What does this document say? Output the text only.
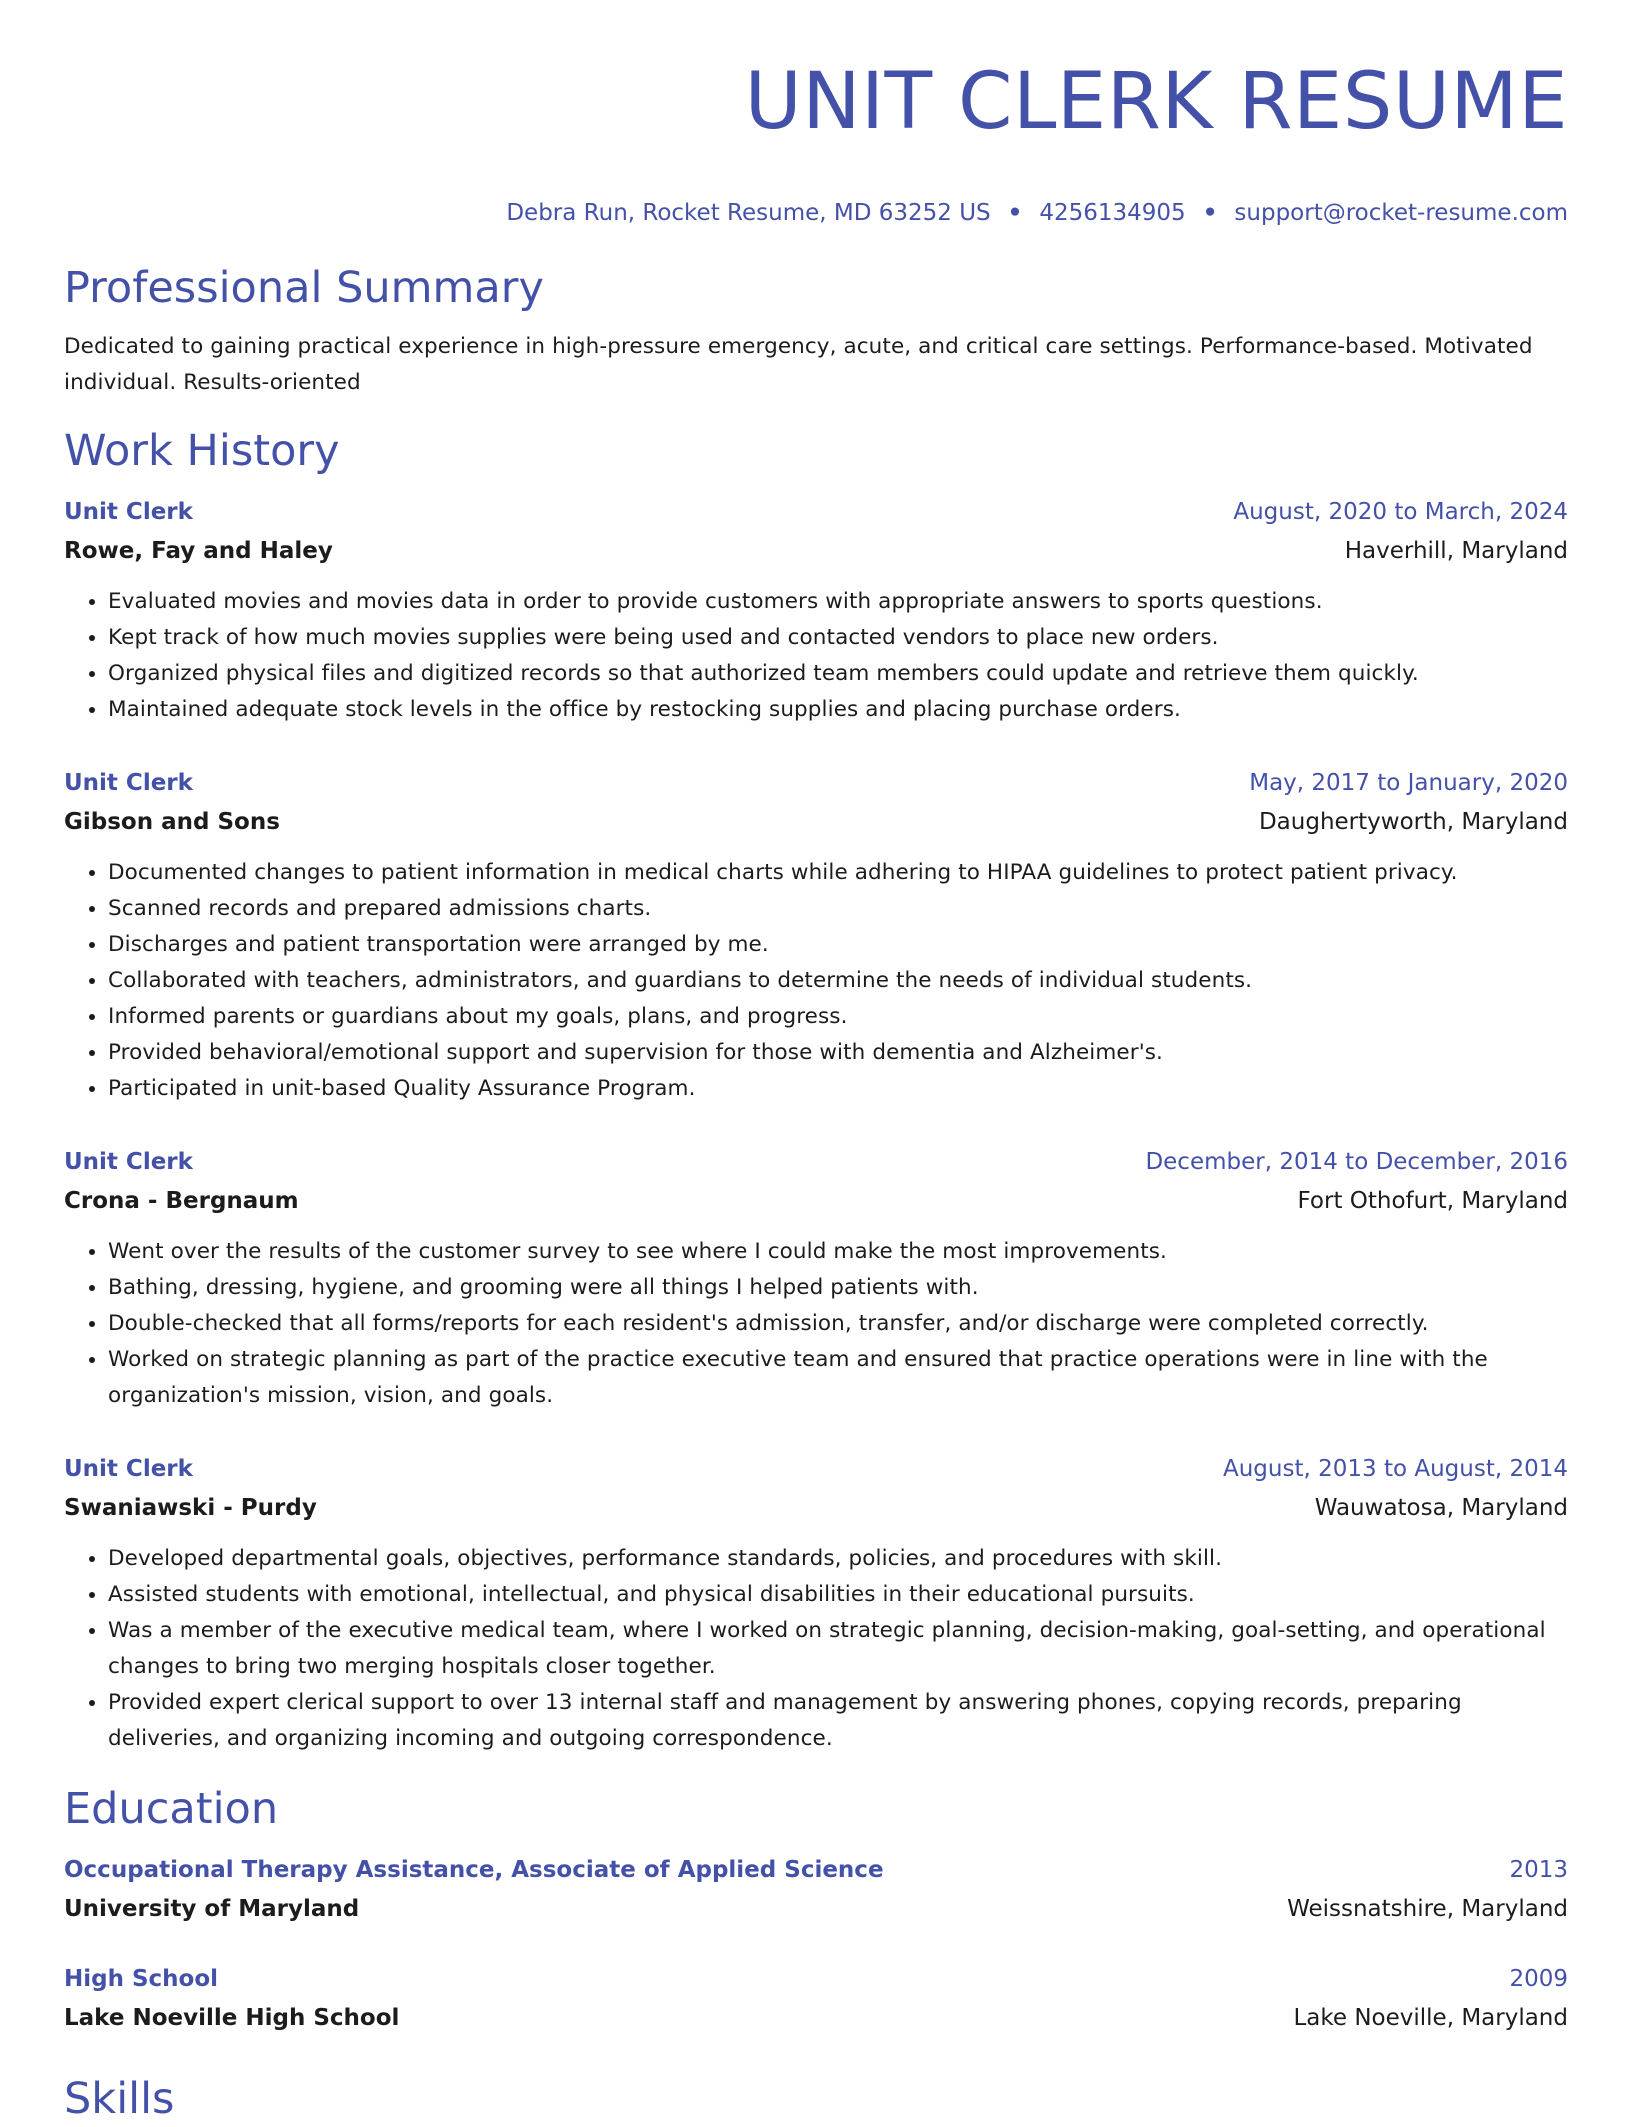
UNIT CLERK RESUME
Debra Run, Rocket Resume, MD 63252 US • 4256134905 • support@rocket-resume.com
Professional Summary
Dedicated to gaining practical experience in high-pressure emergency, acute, and critical care settings. Performance-based. Motivated individual. Results-oriented
Work History
Unit Clerk	August, 2020 to March, 2024
Rowe, Fay and Haley	Haverhill, Maryland
• Evaluated movies and movies data in order to provide customers with appropriate answers to sports questions.
• Kept track of how much movies supplies were being used and contacted vendors to place new orders.
• Organized physical files and digitized records so that authorized team members could update and retrieve them quickly.
• Maintained adequate stock levels in the office by restocking supplies and placing purchase orders.
Unit Clerk	May, 2017 to January, 2020
Gibson and Sons	Daughertyworth, Maryland
• Documented changes to patient information in medical charts while adhering to HIPAA guidelines to protect patient privacy.
• Scanned records and prepared admissions charts.
• Discharges and patient transportation were arranged by me.
• Collaborated with teachers, administrators, and guardians to determine the needs of individual students.
• Informed parents or guardians about my goals, plans, and progress.
• Provided behavioral/emotional support and supervision for those with dementia and Alzheimer's.
• Participated in unit-based Quality Assurance Program.
Unit Clerk	December, 2014 to December, 2016
Crona - Bergnaum	Fort Othofurt, Maryland
• Went over the results of the customer survey to see where I could make the most improvements.
• Bathing, dressing, hygiene, and grooming were all things I helped patients with.
• Double-checked that all forms/reports for each resident's admission, transfer, and/or discharge were completed correctly.
• Worked on strategic planning as part of the practice executive team and ensured that practice operations were in line with the organization's mission, vision, and goals.
Unit Clerk	August, 2013 to August, 2014
Swaniawski - Purdy	Wauwatosa, Maryland
• Developed departmental goals, objectives, performance standards, policies, and procedures with skill.
• Assisted students with emotional, intellectual, and physical disabilities in their educational pursuits.
• Was a member of the executive medical team, where I worked on strategic planning, decision-making, goal-setting, and operational changes to bring two merging hospitals closer together.
• Provided expert clerical support to over 13 internal staff and management by answering phones, copying records, preparing deliveries, and organizing incoming and outgoing correspondence.
Education
Occupational Therapy Assistance, Associate of Applied Science	2013
University of Maryland	Weissnatshire, Maryland
High School	2009
Lake Noeville High School	Lake Noeville, Maryland
Skills
